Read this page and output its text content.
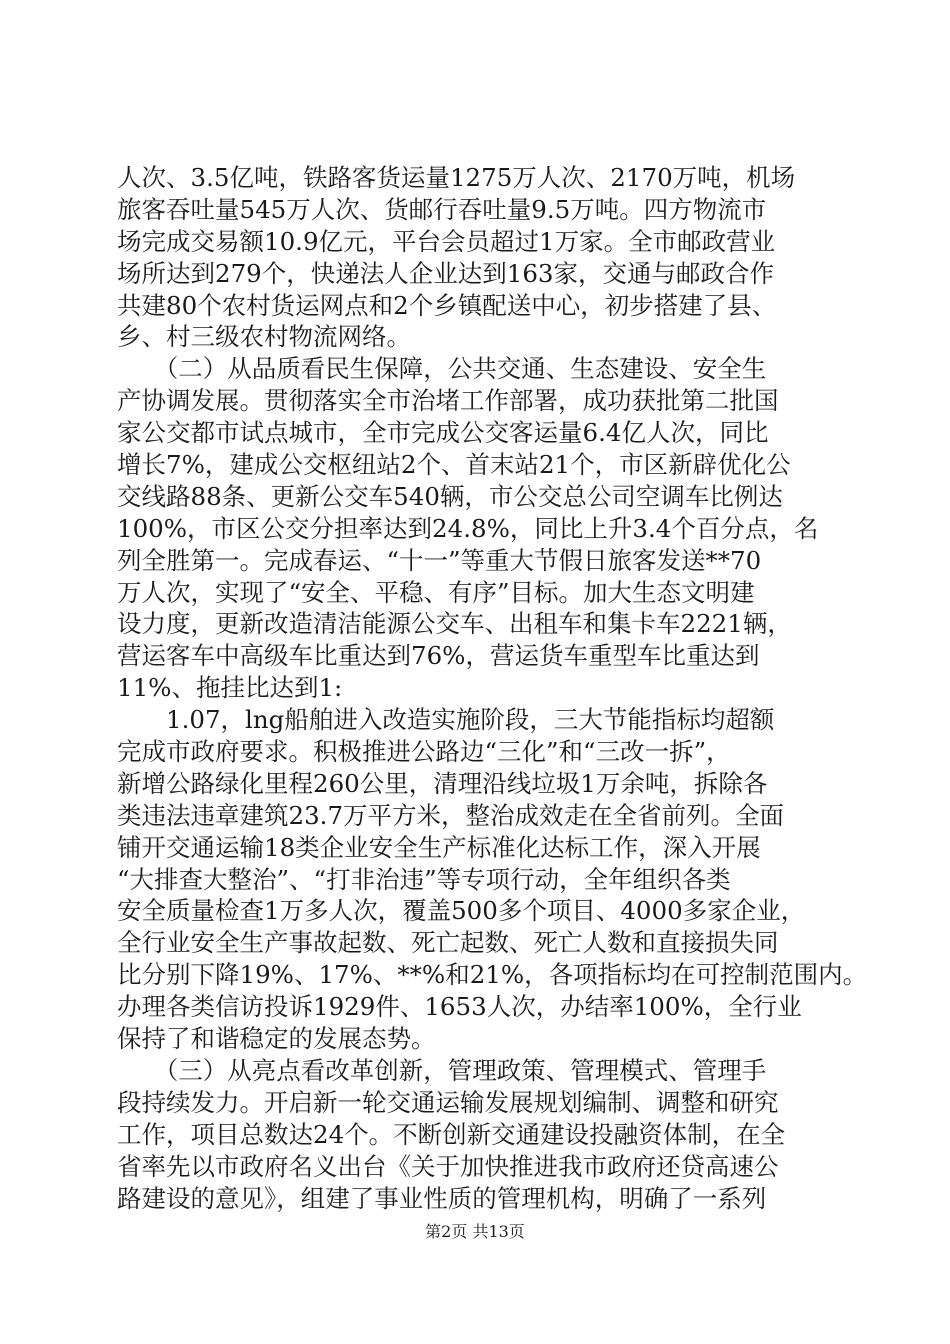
人次、3.5亿吨，铁路客货运量1275万人次、2170万吨，机场
旅客吞吐量545万人次、货邮行吞吐量9.5万吨。四方物流市
场完成交易额10.9亿元，平台会员超过1万家。全市邮政营业
场所达到279个，快递法人企业达到163家，交通与邮政合作
共建80个农村货运网点和2个乡镇配送中心，初步搭建了县、
乡、村三级农村物流网络。
　　（二）从品质看民生保障，公共交通、生态建设、安全生
产协调发展。贯彻落实全市治堵工作部署，成功获批第二批国
家公交都市试点城市，全市完成公交客运量6.4亿人次，同比
增长7%，建成公交枢纽站2个、首末站21个，市区新辟优化公
交线路88条、更新公交车540辆，市公交总公司空调车比例达
100%，市区公交分担率达到24.8%，同比上升3.4个百分点，名
列全胜第一。完成春运、“十一”等重大节假日旅客发送**70
万人次，实现了“安全、平稳、有序”目标。加大生态文明建
设力度，更新改造清洁能源公交车、出租车和集卡车2221辆，
营运客车中高级车比重达到76%，营运货车重型车比重达到
11%、拖挂比达到1:
　　1.07，lng船舶进入改造实施阶段，三大节能指标均超额
完成市政府要求。积极推进公路边“三化”和“三改一拆”，
新增公路绿化里程260公里，清理沿线垃圾1万余吨，拆除各
类违法违章建筑23.7万平方米，整治成效走在全省前列。全面
铺开交通运输18类企业安全生产标准化达标工作，深入开展
“大排查大整治”、“打非治违”等专项行动，全年组织各类
安全质量检查1万多人次，覆盖500多个项目、4000多家企业，
全行业安全生产事故起数、死亡起数、死亡人数和直接损失同
比分别下降19%、17%、**%和21%，各项指标均在可控制范围内。
办理各类信访投诉1929件、1653人次，办结率100%，全行业
保持了和谐稳定的发展态势。
　　（三）从亮点看改革创新，管理政策、管理模式、管理手
段持续发力。开启新一轮交通运输发展规划编制、调整和研究
工作，项目总数达24个。不断创新交通建设投融资体制，在全
省率先以市政府名义出台《关于加快推进我市政府还贷高速公
路建设的意见》，组建了事业性质的管理机构，明确了一系列
第2页 共13页
